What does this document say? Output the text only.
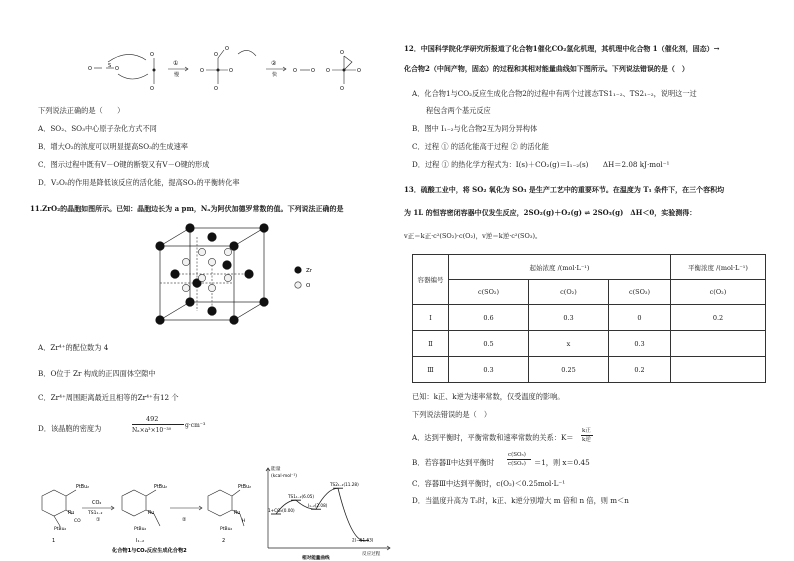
O	O
S	①
慢
②
快
O
O
O
O
O
O	O	O	O
O
O
O	O
下列说法正确的是（　　）
A．SO₂、SO₃中心原子杂化方式不同
B．增大O₂的浓度可以明显提高SO₃的生成速率
C．图示过程中既有V－O键的断裂又有V－O键的形成
D．V₂O₅的作用是降低该反应的活化能，提高SO₂的平衡转化率
11.ZrO₂的晶胞如图所示。已知：晶胞边长为 a pm，Nₐ为阿伏加德罗常数的值。下列说法正确的是
Zr
O
A．Zr⁴⁺的配位数为 4
B．O位于 Zr 构成的正四面体空隙中
C．Zr⁴⁺周围距离最近且相等的Zr⁴⁺有12 个
D．该晶胞的密度为
492
Nₐ×a³×10⁻³⁰
g·cm⁻³
PtBu₂
Ru
CO
PtBu₂
CO₂
TS1₁₋₂
①
PtBu₂
Ru
PtBu₂
②
PtBu₂
Ru
PtBu₂
H
1	I₁₋₂	2
化合物1与CO₂反应生成化合物2
能量
(kcal·mol⁻¹)
反应过程
相对能量曲线
1+CO₂(0.00)
TS1₁₋₂(6.05)
I₁₋₂(2.08)
TS2₁₋₂(11.28)
2(−11.63)
12．中国科学院化学研究所报道了化合物1催化CO₂氢化机理，其机理中化合物 1（催化剂，固态）→
化合物2（中间产物，固态）的过程和其相对能量曲线如下图所示。下列说法错误的是（　）
A．化合物1与CO₂反应生成化合物2的过程中有两个过渡态TS1₁₋₂、TS2₁₋₂，说明这一过
程包含两个基元反应
B．图中 I₁₋₂与化合物2互为同分异构体
C．过程 ① 的活化能高于过程 ② 的活化能
D．过程 ① 的热化学方程式为：I(s)＋CO₂(g)＝I₁₋₂(s)　　ΔH＝2.08 kJ·mol⁻¹
13．硫酸工业中，将 SO₂ 氧化为 SO₃ 是生产工艺中的重要环节。在温度为 T₁ 条件下，在三个容积均
为 1L 的恒容密闭容器中仅发生反应，2SO₂(g)＋O₂(g) ⇌ 2SO₃(g)　ΔH＜0，实验测得：
v正＝k正·c²(SO₂)·c(O₂)，v逆＝k逆·c²(SO₃)。
容器编号	起始浓度 /(mol·L⁻¹)			平衡浓度 /(mol·L⁻¹)
	c(SO₂)	c(O₂)	c(SO₃)	c(O₂)
Ⅰ	0.6	0.3	0	0.2
Ⅱ	0.5	x	0.3	
Ⅲ	0.3	0.25	0.2	
已知：k正、k逆为速率常数，仅受温度的影响。
下列说法错误的是（　）
A．达到平衡时，平衡常数和速率常数的关系：K＝
k正
k逆
B．若容器Ⅱ中达到平衡时
c(SO₃)
c(SO₂) ＝1，则 x＝0.45
C．容器Ⅲ中达到平衡时，c(O₂)＜0.25mol·L⁻¹
D．当温度升高为 T₂时，k正、k逆分别增大 m 倍和 n 倍，则 m＜n
